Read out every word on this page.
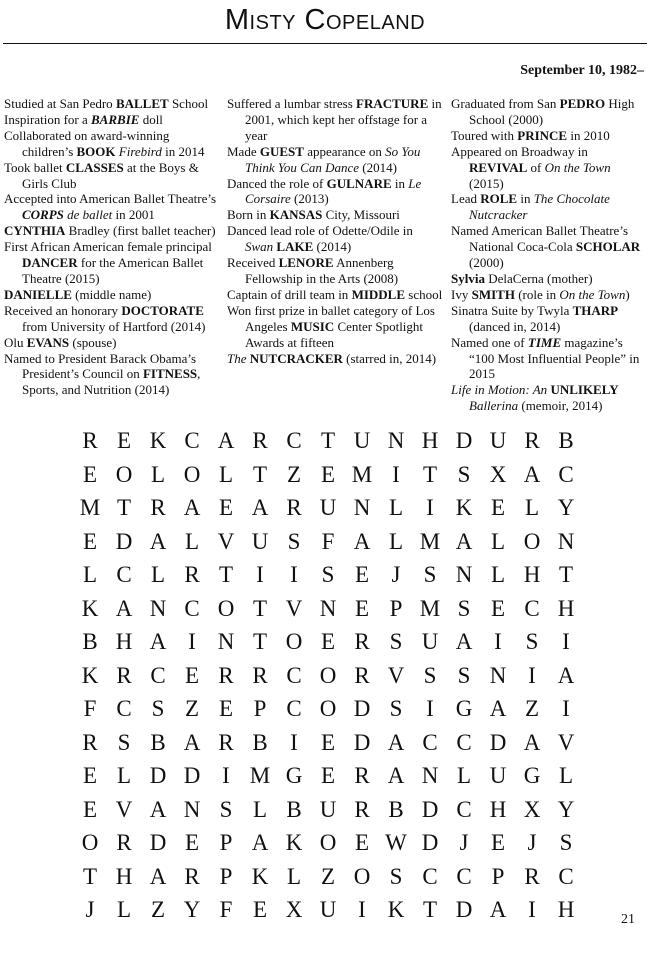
Misty Copeland
September 10, 1982–
Studied at San Pedro BALLET School
Inspiration for a BARBIE doll
Collaborated on award-winning children’s BOOK Firebird in 2014
Took ballet CLASSES at the Boys & Girls Club
Accepted into American Ballet Theatre’s CORPS de ballet in 2001
CYNTHIA Bradley (first ballet teacher)
First African American female principal DANCER for the American Ballet Theatre (2015)
DANIELLE (middle name)
Received an honorary DOCTORATE from University of Hartford (2014)
Olu EVANS (spouse)
Named to President Barack Obama’s President’s Council on FITNESS, Sports, and Nutrition (2014)
Suffered a lumbar stress FRACTURE in 2001, which kept her offstage for a year
Made GUEST appearance on So You Think You Can Dance (2014)
Danced the role of GULNARE in Le Corsaire (2013)
Born in KANSAS City, Missouri
Danced lead role of Odette/Odile in Swan LAKE (2014)
Received LENORE Annenberg Fellowship in the Arts (2008)
Captain of drill team in MIDDLE school
Won first prize in ballet category of Los Angeles MUSIC Center Spotlight Awards at fifteen
The NUTCRACKER (starred in, 2014)
Graduated from San PEDRO High School (2000)
Toured with PRINCE in 2010
Appeared on Broadway in REVIVAL of On the Town (2015)
Lead ROLE in The Chocolate Nutcracker
Named American Ballet Theatre’s National Coca-Cola SCHOLAR (2000)
Sylvia DelaCerna (mother)
Ivy SMITH (role in On the Town)
Sinatra Suite by Twyla THARP (danced in, 2014)
Named one of TIME magazine’s “100 Most Influential People” in 2015
Life in Motion: An UNLIKELY Ballerina (memoir, 2014)
R E K C A R C T U N H D U R B
E O L O L T Z E M I	T S X A C
M T R A E A R U N L	I K E L Y
E D A L V U S F A L M A L O N
L C L R T	I	I	S E J	S N L H T
K A N C O T V N E P M S E C H
B H A I N T O E R S U A I	S	I
K R C E R R C O R V S S N I A
F C S Z E P C O D S	I G A Z	I
R S B A R B I	E D A C C D A V
E L D D I M G E R A N L U G L
E V A N S L B U R B D C H X Y
O R D E P A K O E W D J E J	S
T H A R P K L Z O S C C P R C
J L Z Y F E X U I K T D A I H	21
